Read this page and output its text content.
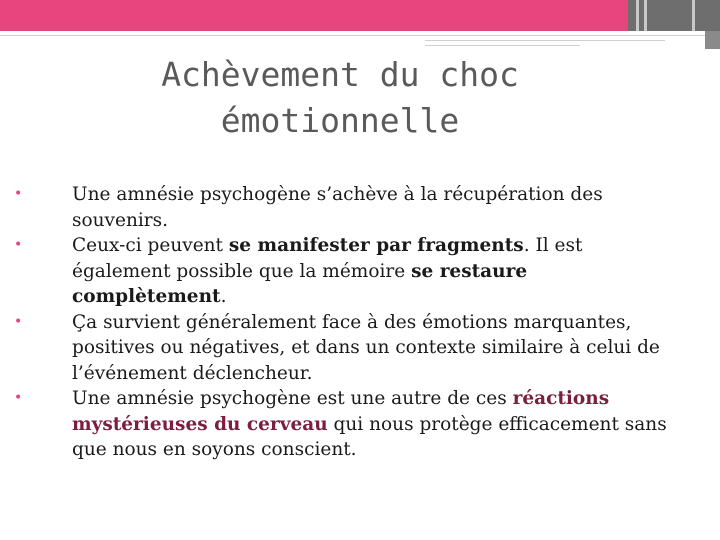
Achèvement du choc
émotionnelle
•	Une amnésie psychogène s’achève à la récupération des souvenirs.
•	Ceux-ci peuvent se manifester par fragments. Il est également possible que la mémoire se restaure complètement.
•	Ça survient généralement face à des émotions marquantes, positives ou négatives, et dans un contexte similaire à celui de l’événement déclencheur.
•	Une amnésie psychogène est une autre de ces réactions mystérieuses du cerveau qui nous protège efficacement sans que nous en soyons conscient.
